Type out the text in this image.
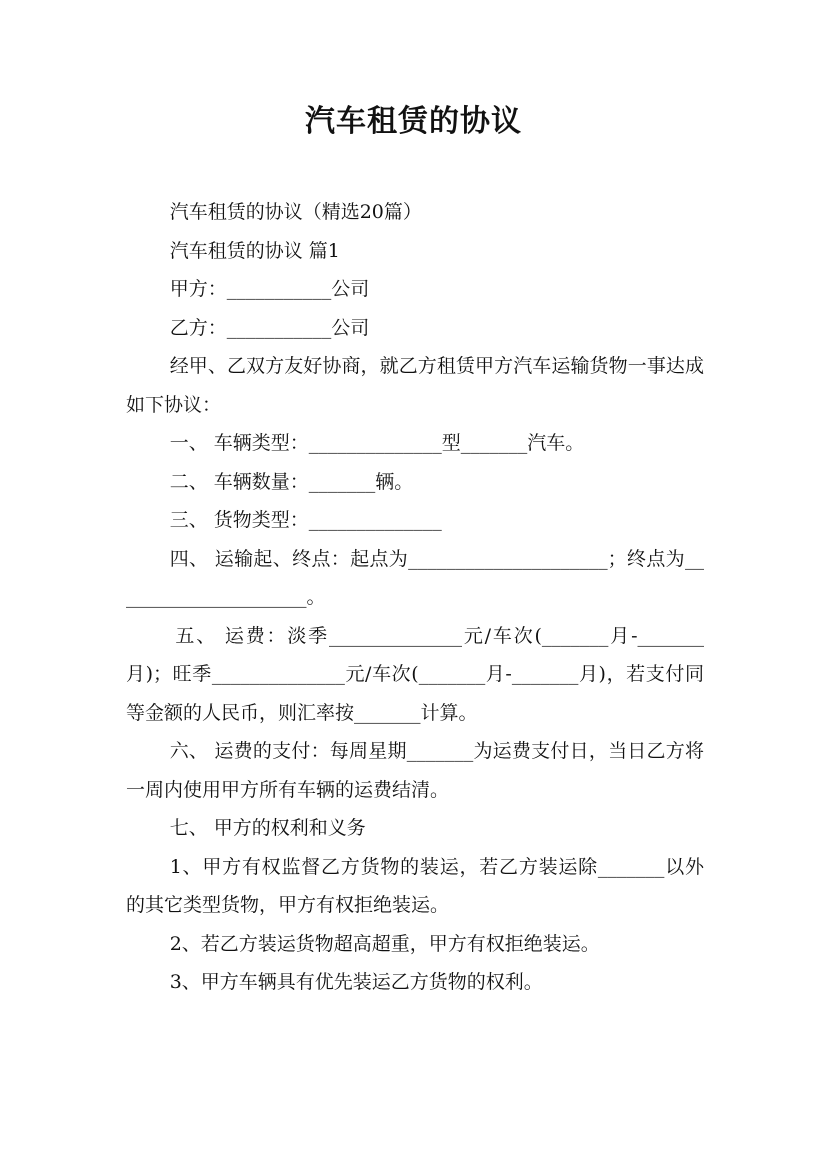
汽车租赁的协议

汽车租赁的协议（精选20篇）

汽车租赁的协议 篇1

甲方：___________公司

乙方：___________公司

经甲、乙双方友好协商，就乙方租赁甲方汽车运输货物一事达成如下协议：

一、 车辆类型：______________型_______汽车。

二、 车辆数量：_______辆。

三、 货物类型：______________

四、 运输起、终点：起点为_____________________；终点为_____________________。

五、 运费：淡季______________元/车次(_______月-_______月)；旺季______________元/车次(_______月-_______月)，若支付同等金额的人民币，则汇率按_______计算。

六、 运费的支付：每周星期_______为运费支付日，当日乙方将一周内使用甲方所有车辆的运费结清。

七、 甲方的权利和义务

1、甲方有权监督乙方货物的装运，若乙方装运除_______以外的其它类型货物，甲方有权拒绝装运。

2、若乙方装运货物超高超重，甲方有权拒绝装运。

3、甲方车辆具有优先装运乙方货物的权利。
